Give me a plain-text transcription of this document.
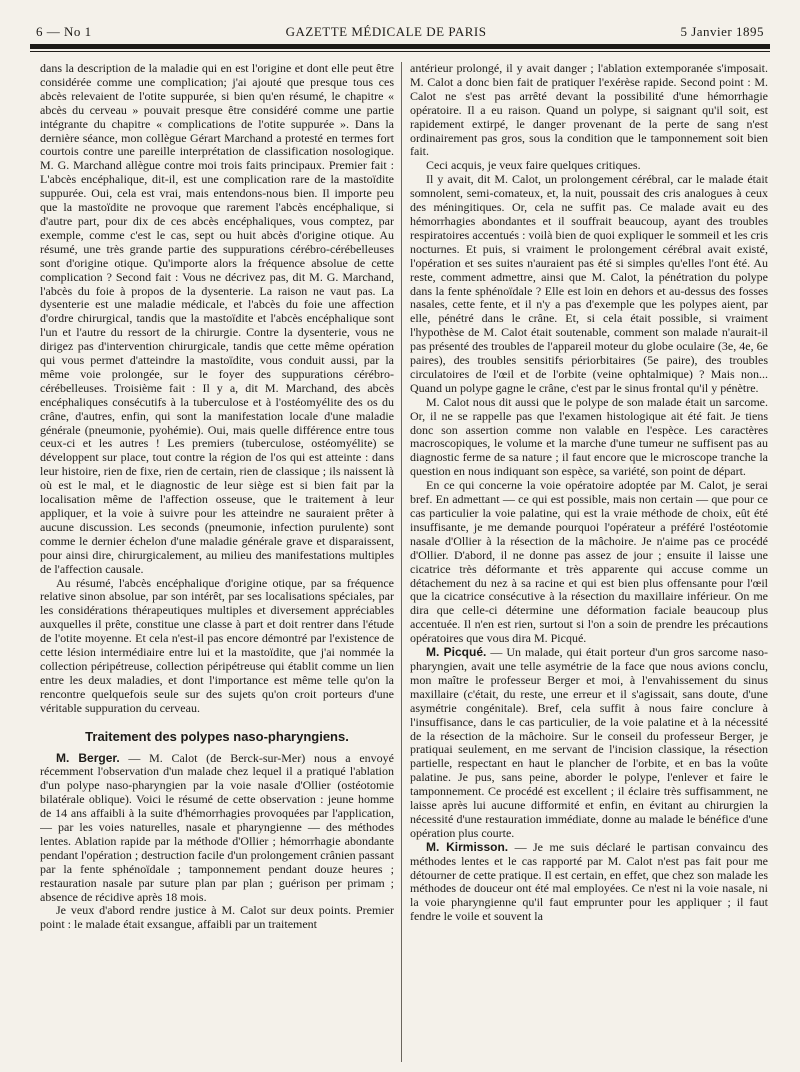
6 — No 1	GAZETTE MÉDICALE DE PARIS	5 Janvier 1895

dans la description de la maladie qui en est l'origine et dont elle peut être considérée comme une complication; j'ai ajouté que presque tous ces abcès relevaient de l'otite suppurée, si bien qu'en résumé, le chapitre « abcès du cerveau » pouvait presque être considéré comme une partie intégrante du chapitre « complications de l'otite suppurée ». Dans la dernière séance, mon collègue Gérart Marchand a protesté en termes fort courtois contre une pareille interprétation de classification nosologique. M. G. Marchand allègue contre moi trois faits principaux. Premier fait : L'abcès encéphalique, dit-il, est une complication rare de la mastoïdite suppurée. Oui, cela est vrai, mais entendons-nous bien. Il importe peu que la mastoïdite ne provoque que rarement l'abcès encéphalique, si d'autre part, pour dix de ces abcès encéphaliques, vous comptez, par exemple, comme c'est le cas, sept ou huit abcès d'origine otique. Au résumé, une très grande partie des suppurations cérébro-cérébelleuses sont d'origine otique. Qu'importe alors la fréquence absolue de cette complication ? Second fait : Vous ne décrivez pas, dit M. G. Marchand, l'abcès du foie à propos de la dysenterie. La raison ne vaut pas. La dysenterie est une maladie médicale, et l'abcès du foie une affection d'ordre chirurgical, tandis que la mastoïdite et l'abcès encéphalique sont l'un et l'autre du ressort de la chirurgie. Contre la dysenterie, vous ne dirigez pas d'intervention chirurgicale, tandis que cette même opération qui vous permet d'atteindre la mastoïdite, vous conduit aussi, par la même voie prolongée, sur le foyer des suppurations cérébro-cérébelleuses. Troisième fait : Il y a, dit M. Marchand, des abcès encéphaliques consécutifs à la tuberculose et à l'ostéomyélite des os du crâne, d'autres, enfin, qui sont la manifestation locale d'une maladie générale (pneumonie, pyohémie). Oui, mais quelle différence entre tous ceux-ci et les autres ! Les premiers (tuberculose, ostéomyélite) se développent sur place, tout contre la région de l'os qui est atteinte : dans leur histoire, rien de fixe, rien de certain, rien de classique ; ils naissent là où est le mal, et le diagnostic de leur siège est si bien fait par la localisation même de l'affection osseuse, que le traitement à leur appliquer, et la voie à suivre pour les atteindre ne sauraient prêter à aucune discussion. Les seconds (pneumonie, infection purulente) sont comme le dernier échelon d'une maladie générale grave et disparaissent, pour ainsi dire, chirurgicalement, au milieu des manifestations multiples de l'affection causale.

Au résumé, l'abcès encéphalique d'origine otique, par sa fréquence relative sinon absolue, par son intérêt, par ses localisations spéciales, par les considérations thérapeutiques multiples et diversement appréciables auxquelles il prête, constitue une classe à part et doit rentrer dans l'étude de l'otite moyenne. Et cela n'est-il pas encore démontré par l'existence de cette lésion intermédiaire entre lui et la mastoïdite, que j'ai nommée la collection péripétreuse, collection péripétreuse qui établit comme un lien entre les deux maladies, et dont l'importance est même telle qu'on la rencontre quelquefois seule sur des sujets qu'on croit porteurs d'une véritable suppuration du cerveau.

Traitement des polypes naso-pharyngiens.

M. Berger. — M. Calot (de Berck-sur-Mer) nous a envoyé récemment l'observation d'un malade chez lequel il a pratiqué l'ablation d'un polype naso-pharyngien par la voie nasale d'Ollier (ostéotomie bilatérale oblique). Voici le résumé de cette observation : jeune homme de 14 ans affaibli à la suite d'hémorrhagies provoquées par l'application, — par les voies naturelles, nasale et pharyngienne — des méthodes lentes. Ablation rapide par la méthode d'Ollier ; hémorrhagie abondante pendant l'opération ; destruction facile d'un prolongement crânien passant par la fente sphénoïdale ; tamponnement pendant douze heures ; restauration nasale par suture plan par plan ; guérison per primam ; absence de récidive après 18 mois.

Je veux d'abord rendre justice à M. Calot sur deux points. Premier point : le malade était exsangue, affaibli par un traitement

antérieur prolongé, il y avait danger ; l'ablation extemporanée s'imposait. M. Calot a donc bien fait de pratiquer l'exérèse rapide. Second point : M. Calot ne s'est pas arrêté devant la possibilité d'une hémorrhagie opératoire. Il a eu raison. Quand un polype, si saignant qu'il soit, est rapidement extirpé, le danger provenant de la perte de sang n'est ordinairement pas gros, sous la condition que le tamponnement soit bien fait.

Ceci acquis, je veux faire quelques critiques.

Il y avait, dit M. Calot, un prolongement cérébral, car le malade était somnolent, semi-comateux, et, la nuit, poussait des cris analogues à ceux des méningitiques. Or, cela ne suffit pas. Ce malade avait eu des hémorrhagies abondantes et il souffrait beaucoup, ayant des troubles respiratoires accentués : voilà bien de quoi expliquer le sommeil et les cris nocturnes. Et puis, si vraiment le prolongement cérébral avait existé, l'opération et ses suites n'auraient pas été si simples qu'elles l'ont été. Au reste, comment admettre, ainsi que M. Calot, la pénétration du polype dans la fente sphénoïdale ? Elle est loin en dehors et au-dessus des fosses nasales, cette fente, et il n'y a pas d'exemple que les polypes aient, par elle, pénétré dans le crâne. Et, si cela était possible, si vraiment l'hypothèse de M. Calot était soutenable, comment son malade n'aurait-il pas présenté des troubles de l'appareil moteur du globe oculaire (3e, 4e, 6e paires), des troubles sensitifs périorbitaires (5e paire), des troubles circulatoires de l'œil et de l'orbite (veine ophtalmique) ? Mais non... Quand un polype gagne le crâne, c'est par le sinus frontal qu'il y pénètre.

M. Calot nous dit aussi que le polype de son malade était un sarcome. Or, il ne se rappelle pas que l'examen histologique ait été fait. Je tiens donc son assertion comme non valable en l'espèce. Les caractères macroscopiques, le volume et la marche d'une tumeur ne suffisent pas au diagnostic ferme de sa nature ; il faut encore que le microscope tranche la question en nous indiquant son espèce, sa variété, son point de départ.

En ce qui concerne la voie opératoire adoptée par M. Calot, je serai bref. En admettant — ce qui est possible, mais non certain — que pour ce cas particulier la voie palatine, qui est la vraie méthode de choix, eût été insuffisante, je me demande pourquoi l'opérateur a préféré l'ostéotomie nasale d'Ollier à la résection de la mâchoire. Je n'aime pas ce procédé d'Ollier. D'abord, il ne donne pas assez de jour ; ensuite il laisse une cicatrice très déformante et très apparente qui accuse comme un détachement du nez à sa racine et qui est bien plus offensante pour l'œil que la cicatrice consécutive à la résection du maxillaire inférieur. On me dira que celle-ci détermine une déformation faciale beaucoup plus accentuée. Il n'en est rien, surtout si l'on a soin de prendre les précautions opératoires que vous dira M. Picqué.

M. Picqué. — Un malade, qui était porteur d'un gros sarcome naso-pharyngien, avait une telle asymétrie de la face que nous avions conclu, mon maître le professeur Berger et moi, à l'envahissement du sinus maxillaire (c'était, du reste, une erreur et il s'agissait, sans doute, d'une asymétrie congénitale). Bref, cela suffit à nous faire conclure à l'insuffisance, dans le cas particulier, de la voie palatine et à la nécessité de la résection de la mâchoire. Sur le conseil du professeur Berger, je pratiquai seulement, en me servant de l'incision classique, la résection partielle, respectant en haut le plancher de l'orbite, et en bas la voûte palatine. Je pus, sans peine, aborder le polype, l'enlever et faire le tamponnement. Ce procédé est excellent ; il éclaire très suffisamment, ne laisse après lui aucune difformité et enfin, en évitant au chirurgien la nécessité d'une restauration immédiate, donne au malade le bénéfice d'une opération plus courte.

M. Kirmisson. — Je me suis déclaré le partisan convaincu des méthodes lentes et le cas rapporté par M. Calot n'est pas fait pour me détourner de cette pratique. Il est certain, en effet, que chez son malade les méthodes de douceur ont été mal employées. Ce n'est ni la voie nasale, ni la voie pharyngienne qu'il faut emprunter pour les appliquer ; il faut fendre le voile et souvent la
